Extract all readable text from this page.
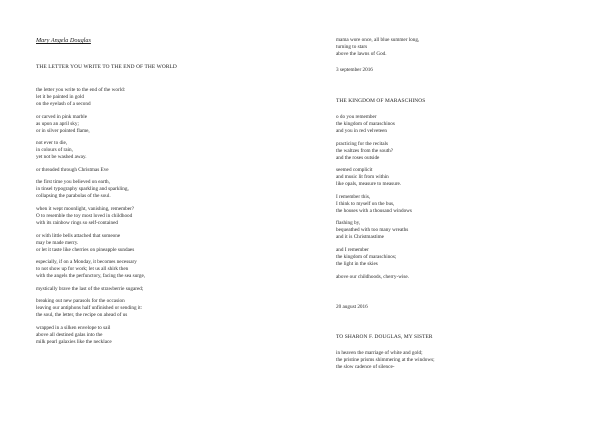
Mary Angela Douglas
THE LETTER YOU WRITE TO THE END OF THE WORLD
the letter you write to the end of the world:
let it be painted in gold
on the eyelash of a second
or carved in pink marble
as upon an april sky;
or in silver pointed flame,
not ever to die,
in colours of rain,
yet not be washed away.
or threaded through Christmas Eve
the first time you believed on earth,
in tinsel typography sparkling and sparkling,
collapsing the parabolas of the soul.
when it wept moonlight, vanishing, remember?
O to resemble the toy most loved in childhood
with its rainbow rings so self-contained
or with little bells attached that someone
may be made merry.
or let it taste like cherries on pineapple sundaes
especially, if on a Monday, it becomes necessary
to not show up for work; let us all shirk then
with the angels the perfunctory, facing the sea surge,
mystically brave the last of the strawberrie sugared;
breaking out new parasols for the occasion
leaving our antiphons half unfinished or sending it:
the soul, the letter, the recipe on ahead of us
wrapped in a silken envelope to sail
above all destined galas into the
milk pearl galaxies like the necklace
mama wore once, all blue summer long,
turning to stars
above the lawns of God.
3 september 2016
THE KINGDOM OF MARASCHINOS
o do you remember
the kingdom of maraschinos
and you in red velveteen
practicing for the recitals
the waltzes from the south?
and the roses outside
seemed complicit
and music lit from within
like opals, measure to measure.
I remember this,
I think to myself on the bus,
the houses with a thousand windows
flashing by,
bequeathed with too many wreaths
and it is Christmastime
and I remember
the kingdom of maraschinos;
the light in the skies
above our childhoods, cherry-wise.
20 august 2016
TO SHARON F. DOUGLAS, MY SISTER
in heaven the marriage of white and gold;
the pristine prisms shimmering at the windows;
the slow cadence of silence-
